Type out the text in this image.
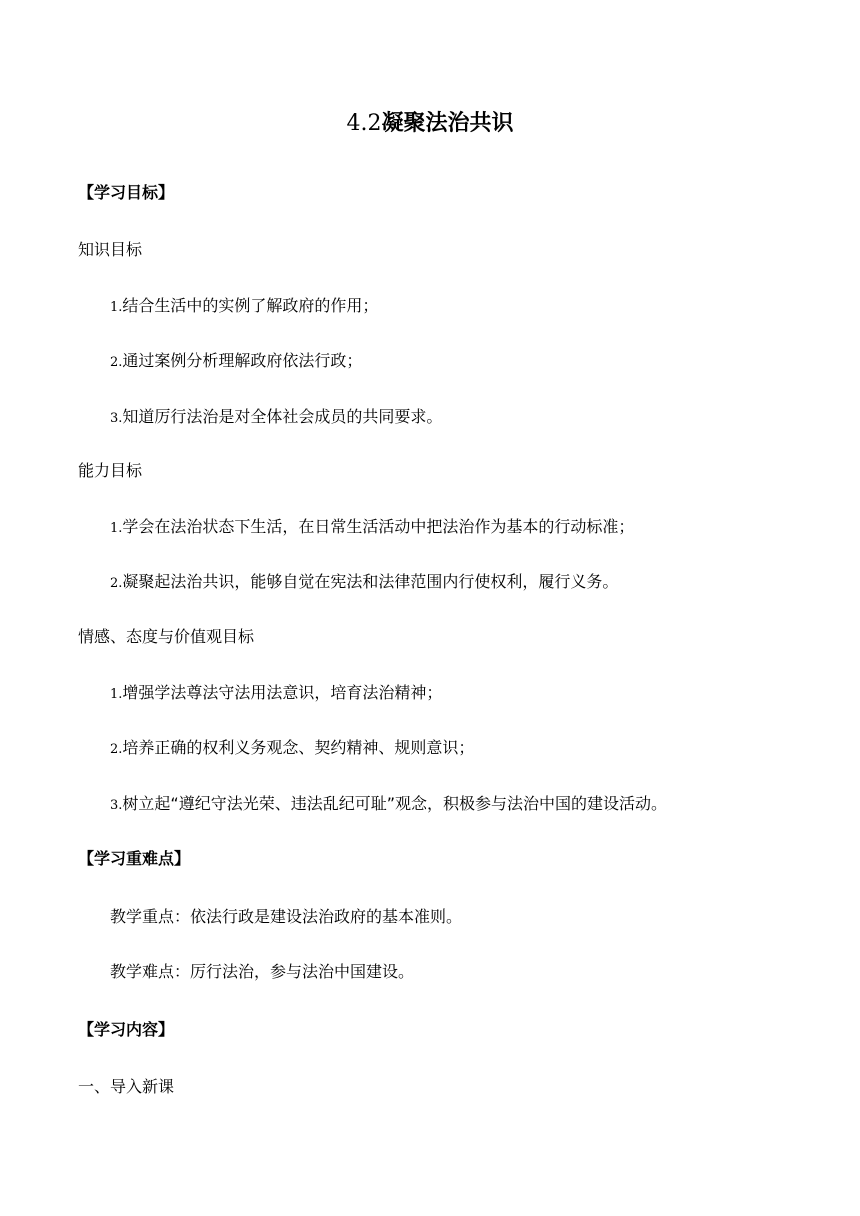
4.2凝聚法治共识
【学习目标】
知识目标
1.结合生活中的实例了解政府的作用；
2.通过案例分析理解政府依法行政；
3.知道厉行法治是对全体社会成员的共同要求。
能力目标
1.学会在法治状态下生活，在日常生活活动中把法治作为基本的行动标准；
2.凝聚起法治共识，能够自觉在宪法和法律范围内行使权利，履行义务。
情感、态度与价值观目标
1.增强学法尊法守法用法意识，培育法治精神；
2.培养正确的权利义务观念、契约精神、规则意识；
3.树立起“遵纪守法光荣、违法乱纪可耻”观念，积极参与法治中国的建设活动。
【学习重难点】
教学重点：依法行政是建设法治政府的基本准则。
教学难点：厉行法治，参与法治中国建设。
【学习内容】
一、导入新课
